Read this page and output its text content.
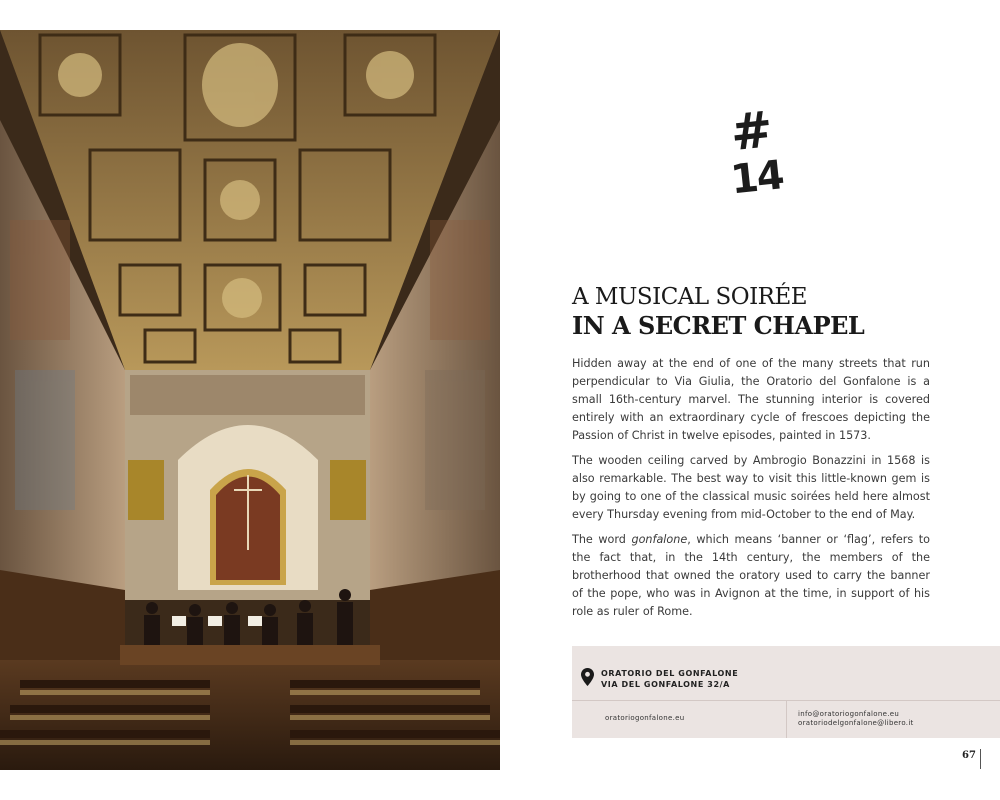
#
14
A MUSICAL SOIRÉE
IN A SECRET CHAPEL

Hidden away at the end of one of the many streets that run perpendicular to Via Giulia, the Oratorio del Gonfalone is a small 16th-century marvel. The stunning interior is covered entirely with an extraordinary cycle of frescoes depicting the Passion of Christ in twelve episodes, painted in 1573.

The wooden ceiling carved by Ambrogio Bonazzini in 1568 is also remarkable. The best way to visit this little-known gem is by going to one of the classical music soirées held here almost every Thursday evening from mid-October to the end of May.

The word gonfalone, which means ‘banner or ‘flag’, refers to the fact that, in the 14th century, the members of the brotherhood that owned the oratory used to carry the banner of the pope, who was in Avignon at the time, in support of his role as ruler of Rome.

ORATORIO DEL GONFALONE
VIA DEL GONFALONE 32/A
oratoriogonfalone.eu	info@oratoriogonfalone.eu
oratoriodelgonfalone@libero.it
67
